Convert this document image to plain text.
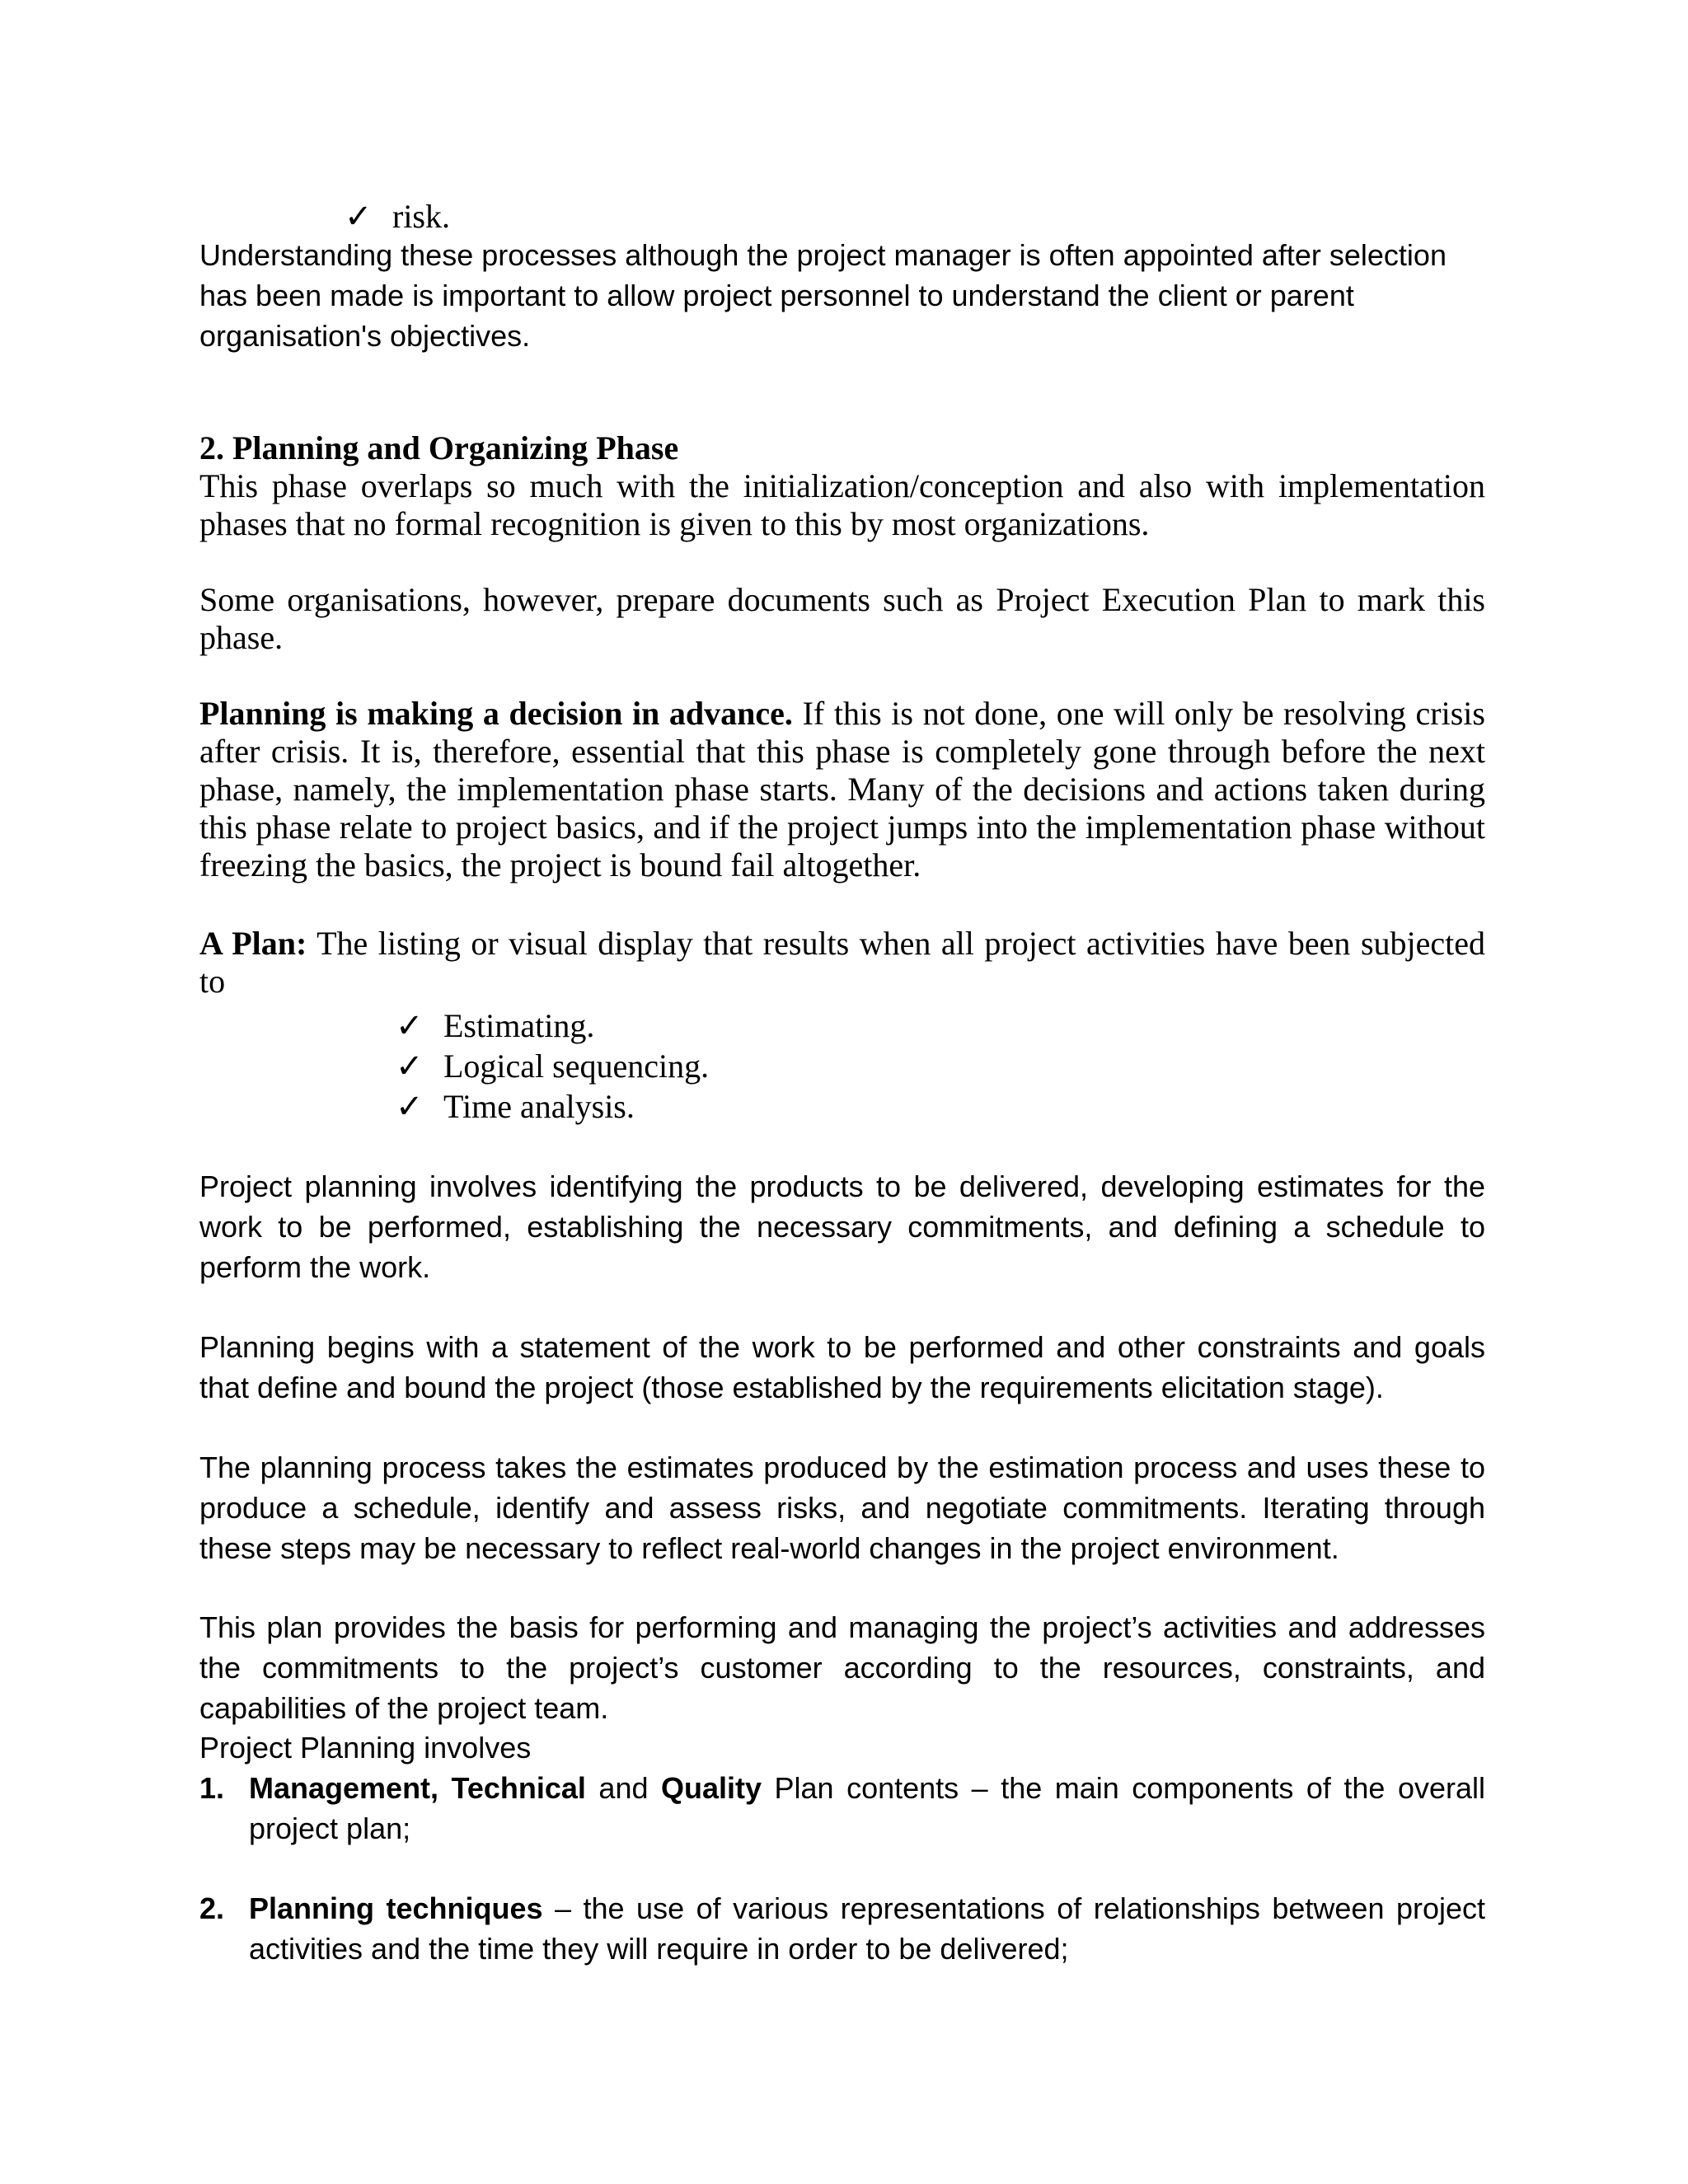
✓ risk.

Understanding these processes although the project manager is often appointed after selection has been made is important to allow project personnel to understand the client or parent organisation's objectives.

2. Planning and Organizing Phase

This phase overlaps so much with the initialization/conception and also with implementation phases that no formal recognition is given to this by most organizations.

Some organisations, however, prepare documents such as Project Execution Plan to mark this phase.

Planning is making a decision in advance. If this is not done, one will only be resolving crisis after crisis. It is, therefore, essential that this phase is completely gone through before the next phase, namely, the implementation phase starts. Many of the decisions and actions taken during this phase relate to project basics, and if the project jumps into the implementation phase without freezing the basics, the project is bound fail altogether.

A Plan: The listing or visual display that results when all project activities have been subjected to

✓ Estimating.
✓ Logical sequencing.
✓ Time analysis.

Project planning involves identifying the products to be delivered, developing estimates for the work to be performed, establishing the necessary commitments, and defining a schedule to perform the work.

Planning begins with a statement of the work to be performed and other constraints and goals that define and bound the project (those established by the requirements elicitation stage).

The planning process takes the estimates produced by the estimation process and uses these to produce a schedule, identify and assess risks, and negotiate commitments. Iterating through these steps may be necessary to reflect real-world changes in the project environment.

This plan provides the basis for performing and managing the project’s activities and addresses the commitments to the project’s customer according to the resources, constraints, and capabilities of the project team.

Project Planning involves

1. Management, Technical and Quality Plan contents – the main components of the overall project plan;
2. Planning techniques – the use of various representations of relationships between project activities and the time they will require in order to be delivered;
